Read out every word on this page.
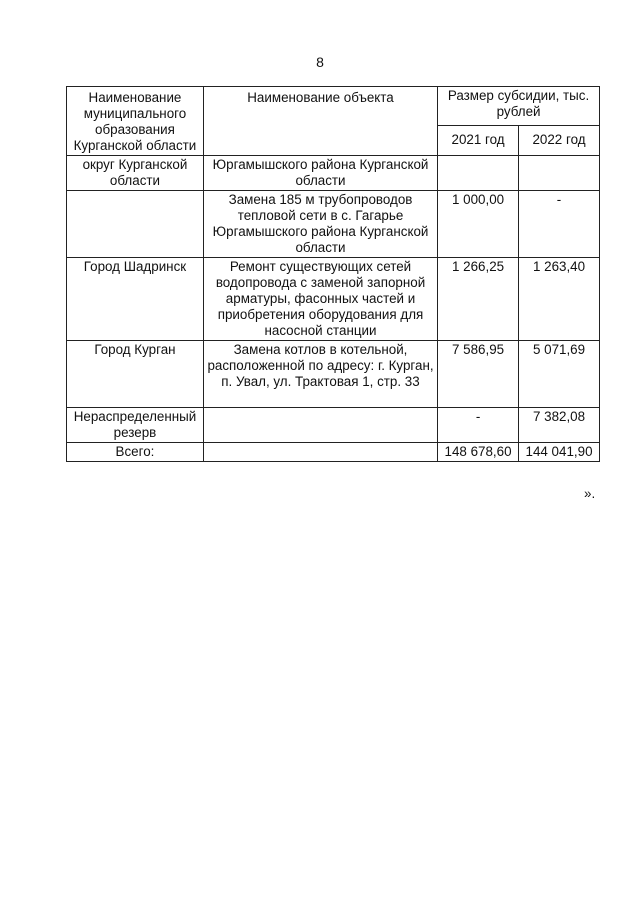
8
Наименование муниципального образования Курганской области	Наименование объекта	Размер субсидии, тыс. рублей	
		2021 год	2022 год
округ Курганской области	Юргамышского района Курганской области		
	Замена 185 м трубопроводов тепловой сети в с. Гагарье Юргамышского района Курганской области	1 000,00	-
Город Шадринск	Ремонт существующих сетей водопровода с заменой запорной арматуры, фасонных частей и приобретения оборудования для насосной станции	1 266,25	1 263,40
Город Курган	Замена котлов в котельной, расположенной по адресу: г. Курган, п. Увал, ул. Трактовая 1, стр. 33	7 586,95	5 071,69
Нераспределенный резерв		-	7 382,08
Всего:		148 678,60	144 041,90
».
